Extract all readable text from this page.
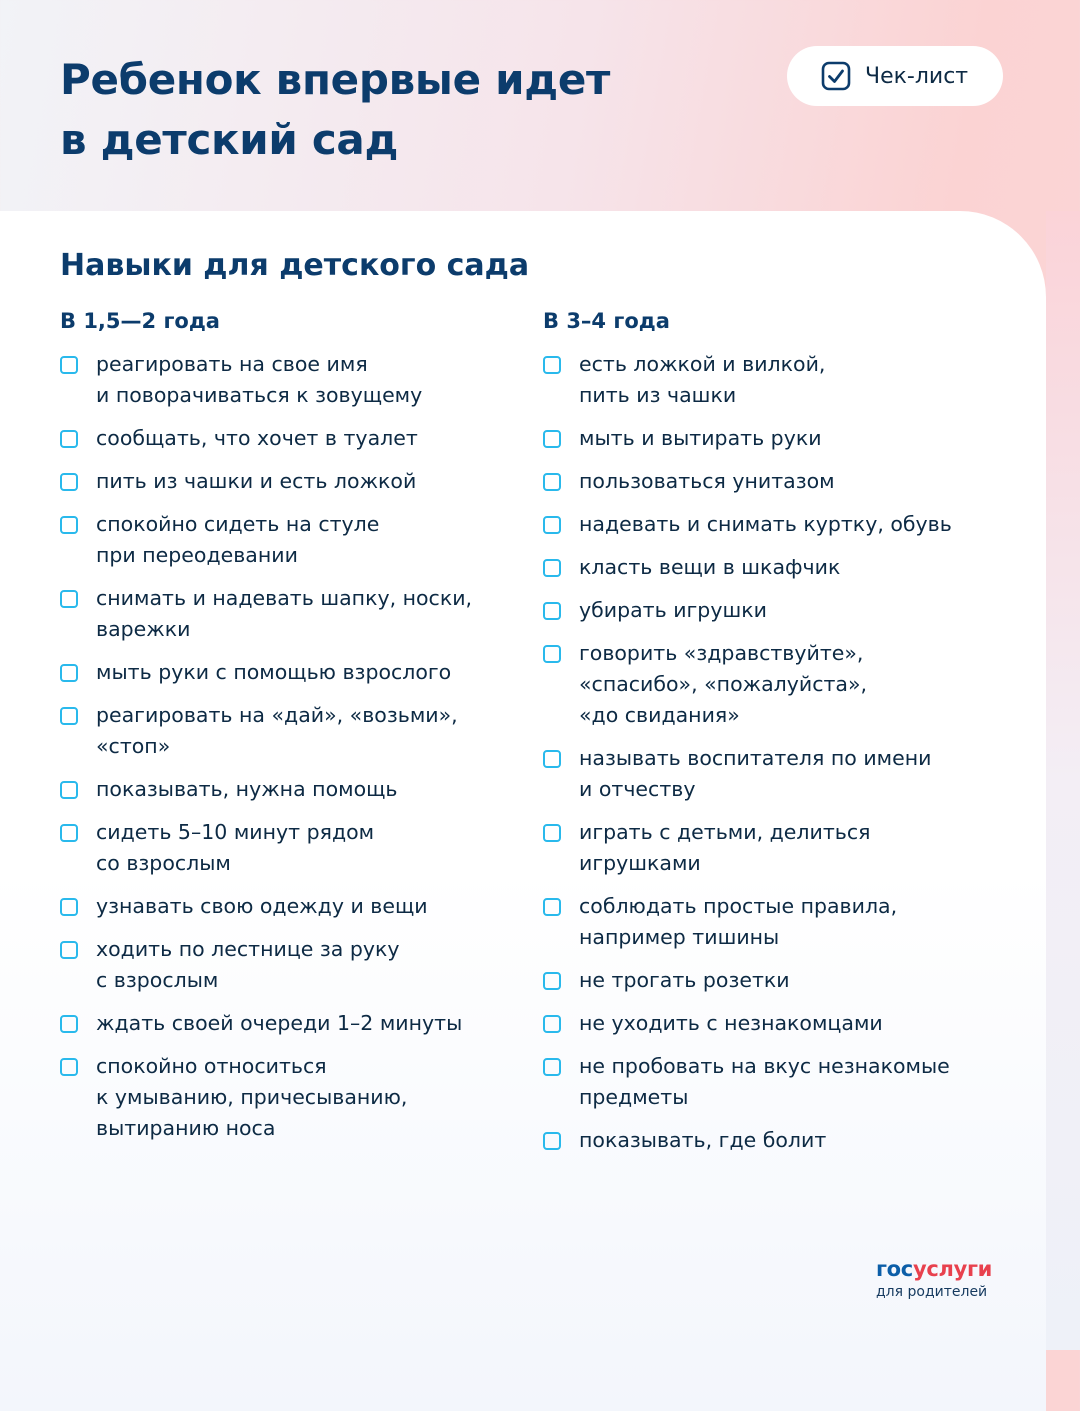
Ребенок впервые идет
в детский сад
Чек-лист
Навыки для детского сада
В 1,5—2 года
реагировать на свое имя
и поворачиваться к зовущему
сообщать, что хочет в туалет
пить из чашки и есть ложкой
спокойно сидеть на стуле
при переодевании
снимать и надевать шапку, носки,
варежки
мыть руки с помощью взрослого
реагировать на «дай», «возьми»,
«стоп»
показывать, нужна помощь
сидеть 5–10 минут рядом
со взрослым
узнавать свою одежду и вещи
ходить по лестнице за руку
с взрослым
ждать своей очереди 1–2 минуты
спокойно относиться
к умыванию, причесыванию,
вытиранию носа
В 3–4 года
есть ложкой и вилкой,
пить из чашки
мыть и вытирать руки
пользоваться унитазом
надевать и снимать куртку, обувь
класть вещи в шкафчик
убирать игрушки
говорить «здравствуйте»,
«спасибо», «пожалуйста»,
«до свидания»
называть воспитателя по имени
и отчеству
играть с детьми, делиться
игрушками
соблюдать простые правила,
например тишины
не трогать розетки
не уходить с незнакомцами
не пробовать на вкус незнакомые
предметы
показывать, где болит
госуслуги
для родителей
